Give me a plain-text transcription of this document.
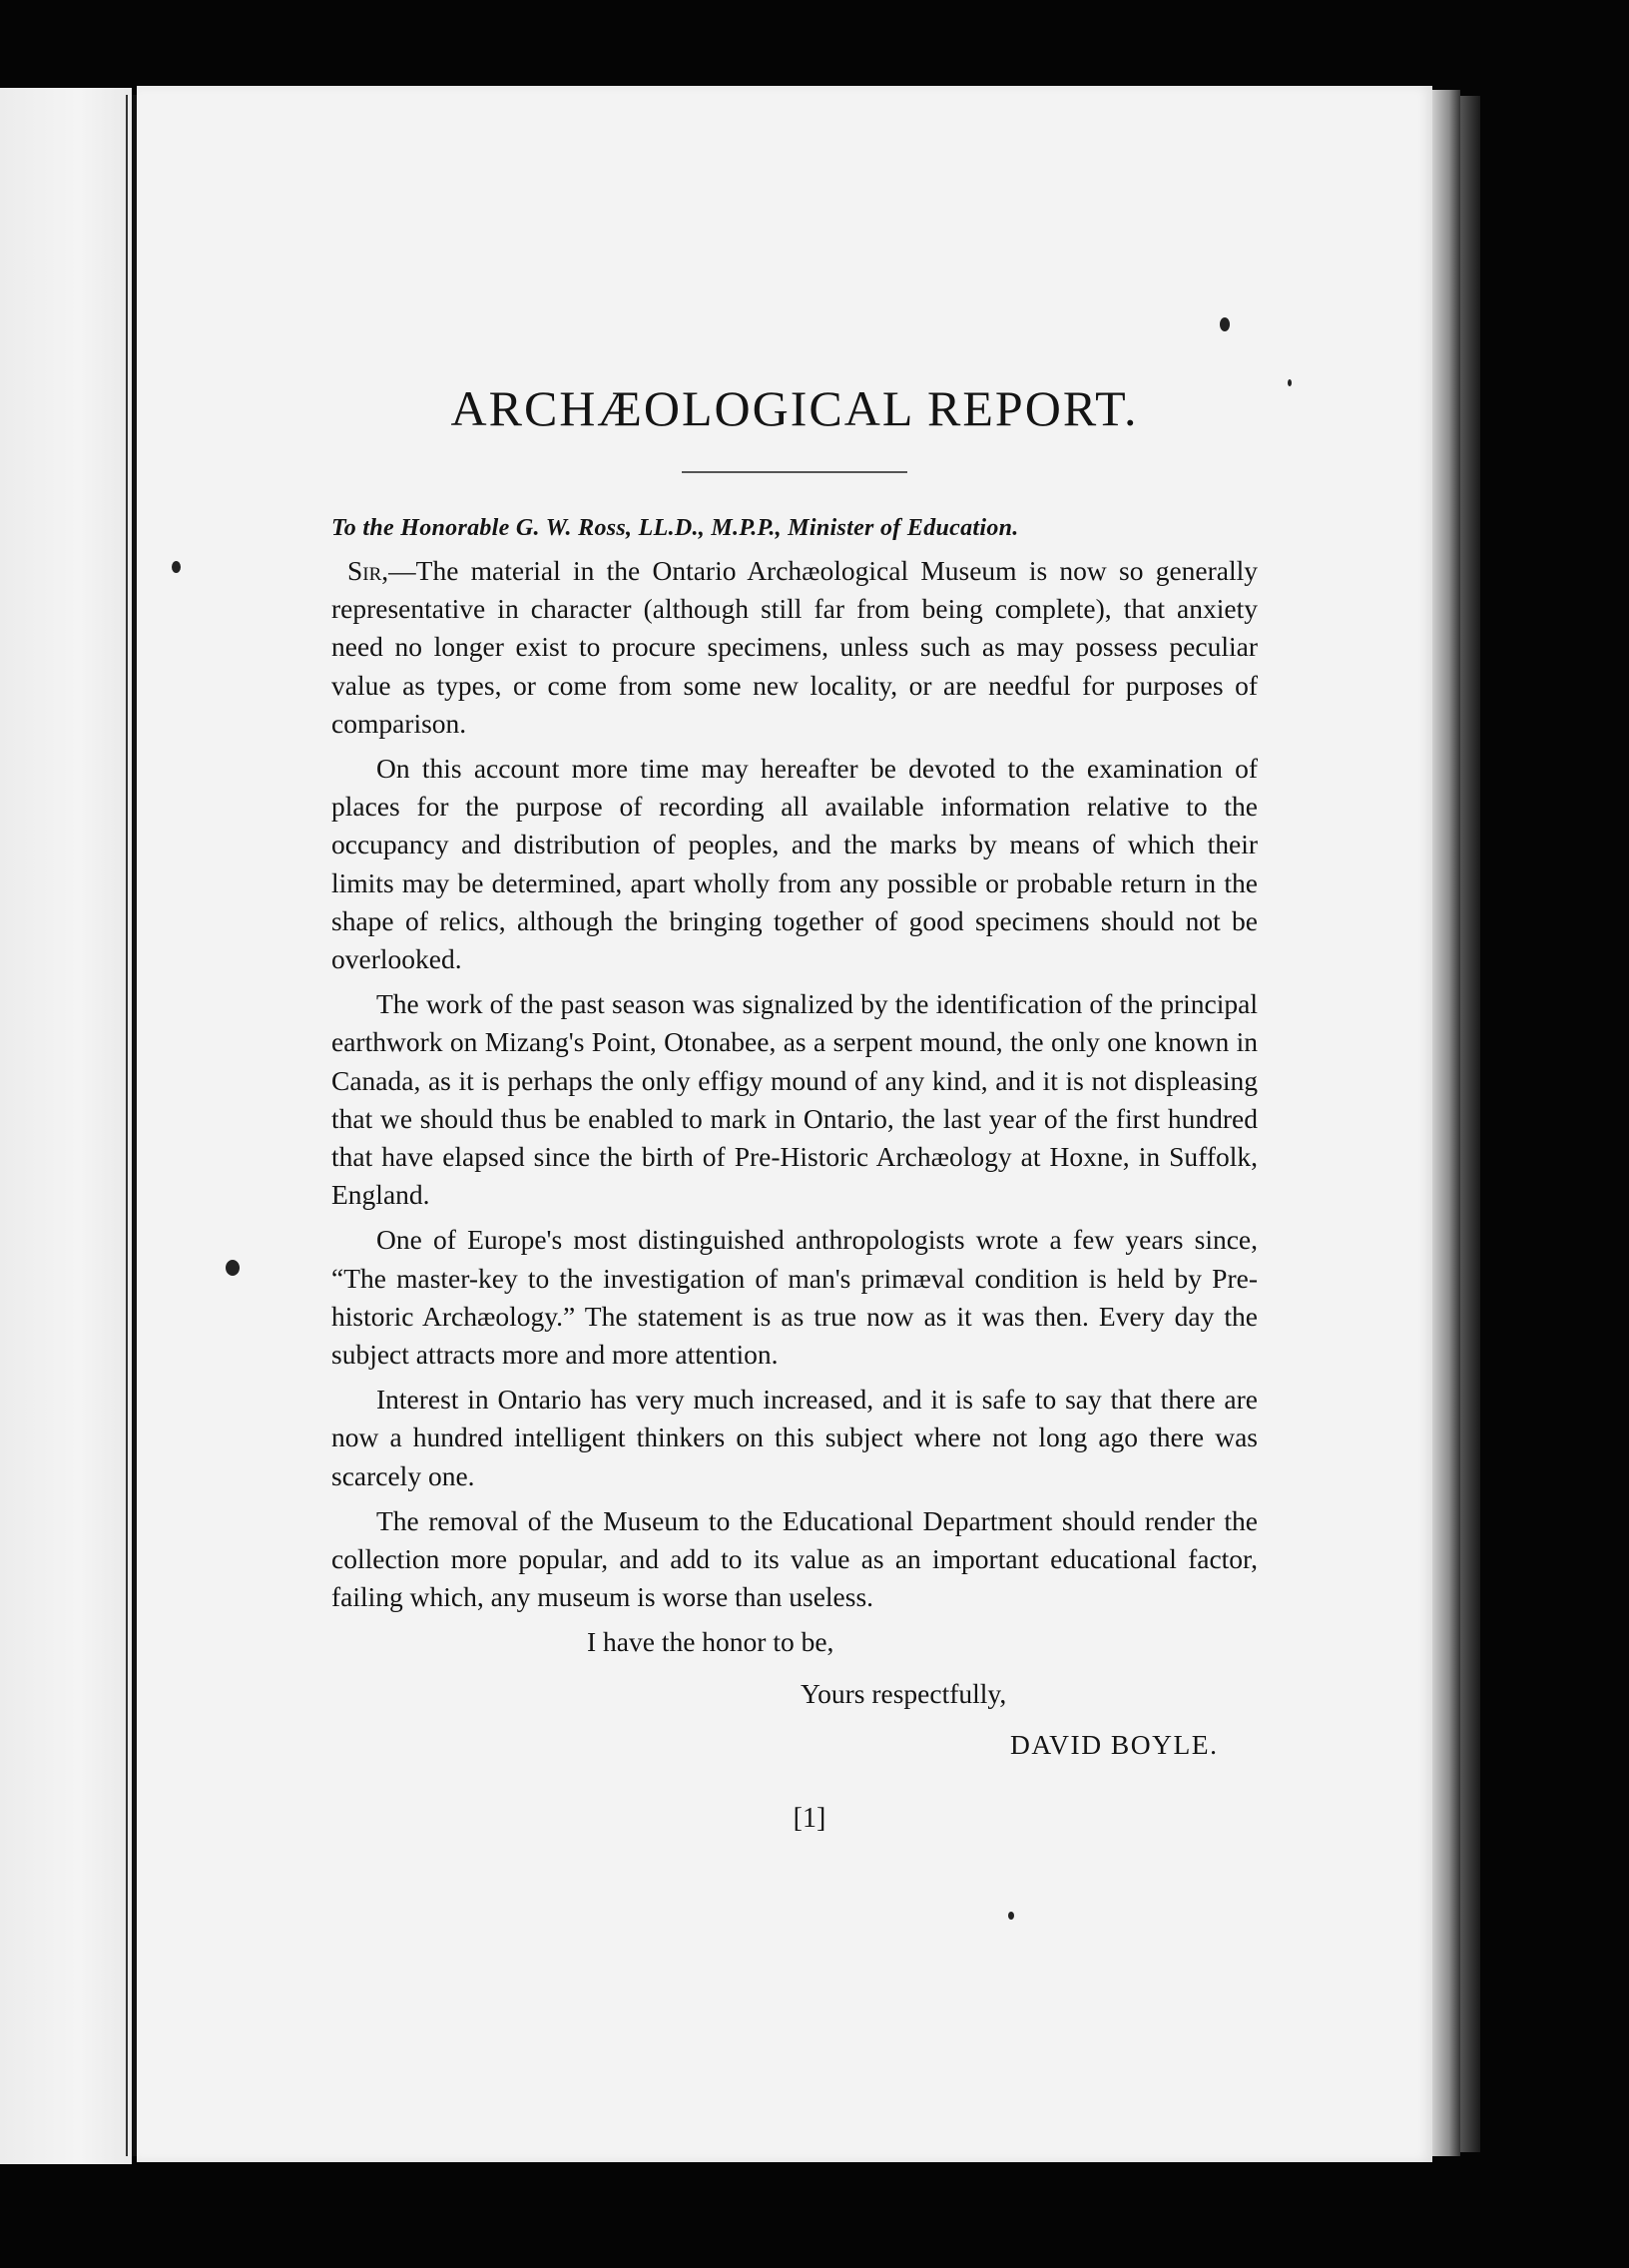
ARCHÆOLOGICAL REPORT.

To the Honorable G. W. Ross, LL.D., M.P.P., Minister of Education.

Sir,—The material in the Ontario Archæological Museum is now so generally representative in character (although still far from being complete), that anxiety need no longer exist to procure specimens, unless such as may possess peculiar value as types, or come from some new locality, or are needful for purposes of comparison.

On this account more time may hereafter be devoted to the examination of places for the purpose of recording all available information relative to the occupancy and distribution of peoples, and the marks by means of which their limits may be determined, apart wholly from any possible or probable return in the shape of relics, although the bringing together of good specimens should not be overlooked.

The work of the past season was signalized by the identification of the principal earthwork on Mizang's Point, Otonabee, as a serpent mound, the only one known in Canada, as it is perhaps the only effigy mound of any kind, and it is not displeasing that we should thus be enabled to mark in Ontario, the last year of the first hundred that have elapsed since the birth of Pre-Historic Archæology at Hoxne, in Suffolk, England.

One of Europe's most distinguished anthropologists wrote a few years since, “The master-key to the investigation of man's primæval condition is held by Pre-historic Archæology.” The statement is as true now as it was then. Every day the subject attracts more and more attention.

Interest in Ontario has very much increased, and it is safe to say that there are now a hundred intelligent thinkers on this subject where not long ago there was scarcely one.

The removal of the Museum to the Educational Department should render the collection more popular, and add to its value as an important educational factor, failing which, any museum is worse than useless.

I have the honor to be,

Yours respectfully,

DAVID BOYLE.

[1]
